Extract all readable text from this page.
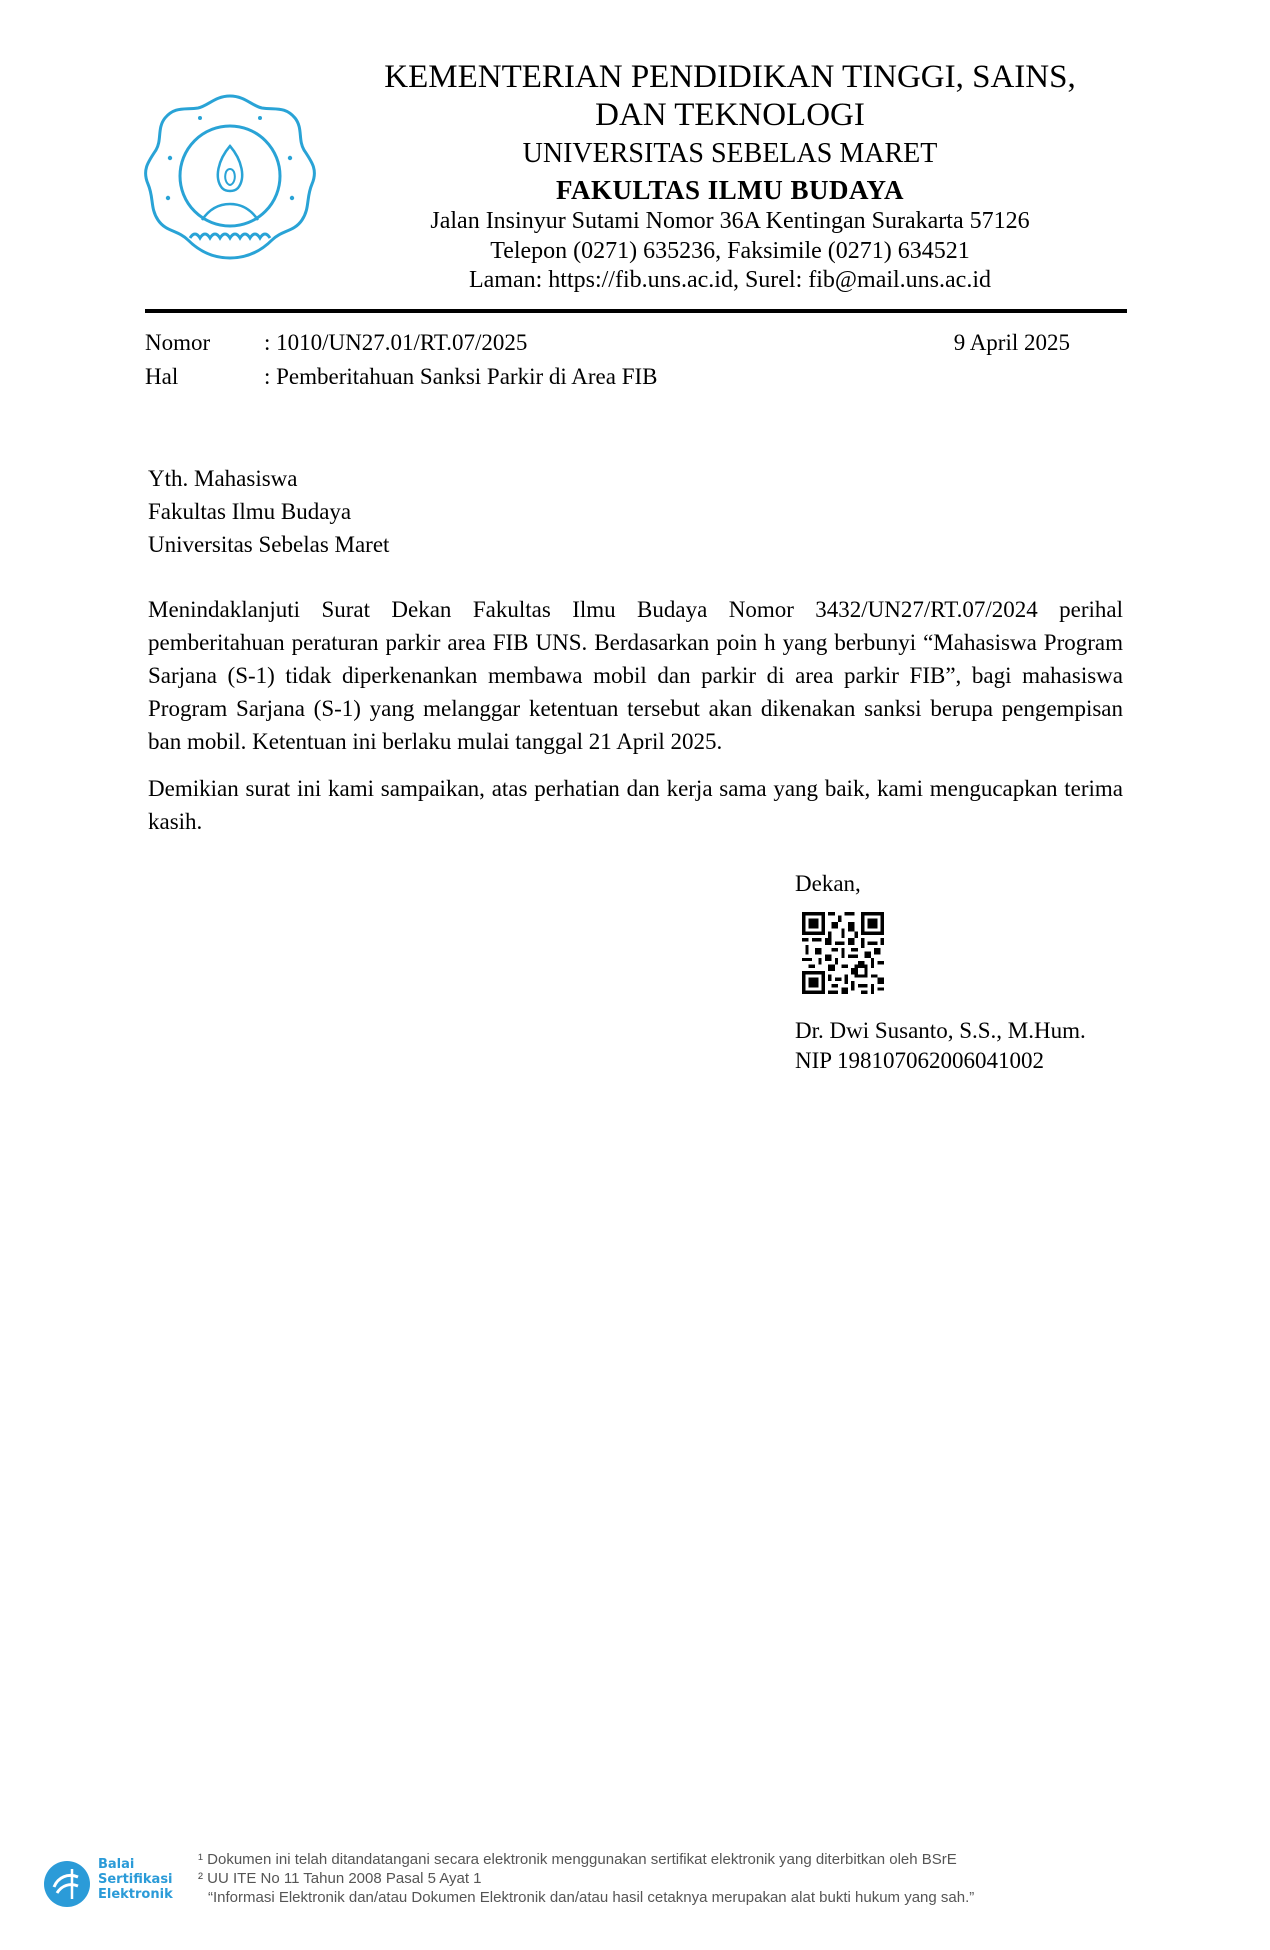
KEMENTERIAN PENDIDIKAN TINGGI, SAINS,
DAN TEKNOLOGI
UNIVERSITAS SEBELAS MARET
FAKULTAS ILMU BUDAYA
Jalan Insinyur Sutami Nomor 36A Kentingan Surakarta 57126
Telepon (0271) 635236, Faksimile (0271) 634521
Laman: https://fib.uns.ac.id, Surel: fib@mail.uns.ac.id
Nomor : 1010/UN27.01/RT.07/2025	9 April 2025
Hal	: Pemberitahuan Sanksi Parkir di Area FIB
Yth. Mahasiswa
Fakultas Ilmu Budaya
Universitas Sebelas Maret
Menindaklanjuti Surat Dekan Fakultas Ilmu Budaya Nomor 3432/UN27/RT.07/2024 perihal pemberitahuan peraturan parkir area FIB UNS. Berdasarkan poin h yang berbunyi “Mahasiswa Program Sarjana (S-1) tidak diperkenankan membawa mobil dan parkir di area parkir FIB”, bagi mahasiswa Program Sarjana (S-1) yang melanggar ketentuan tersebut akan dikenakan sanksi berupa pengempisan ban mobil. Ketentuan ini berlaku mulai tanggal 21 April 2025.
Demikian surat ini kami sampaikan, atas perhatian dan kerja sama yang baik, kami mengucapkan terima kasih.
Dekan,
Dr. Dwi Susanto, S.S., M.Hum.
NIP 198107062006041002
Balai Sertifikasi Elektronik
¹ Dokumen ini telah ditandatangani secara elektronik menggunakan sertifikat elektronik yang diterbitkan oleh BSrE
² UU ITE No 11 Tahun 2008 Pasal 5 Ayat 1
“Informasi Elektronik dan/atau Dokumen Elektronik dan/atau hasil cetaknya merupakan alat bukti hukum yang sah.”
